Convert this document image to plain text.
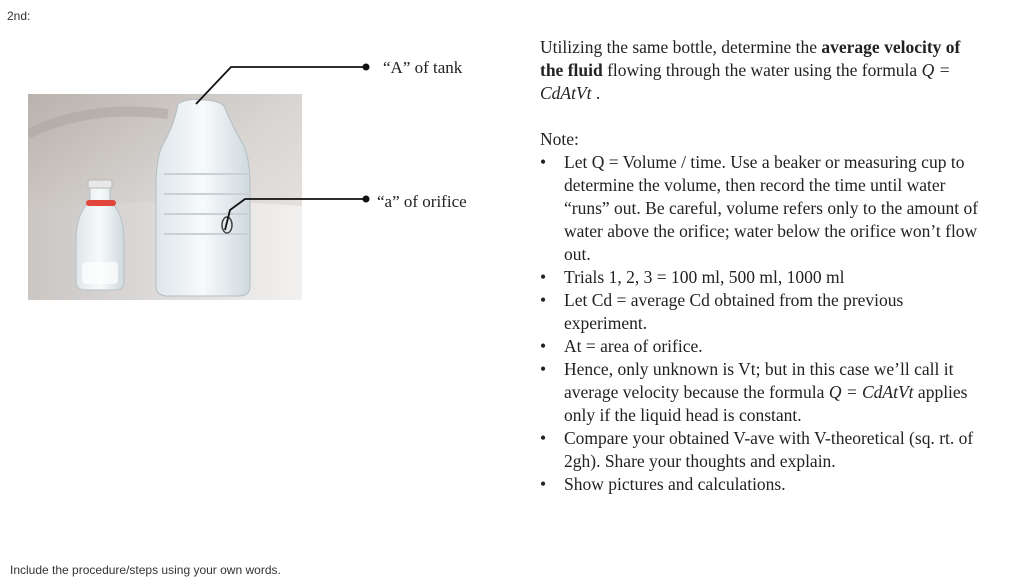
2nd:
“A” of tank
“a” of orifice

Utilizing the same bottle, determine the average velocity of the fluid flowing through the water using the formula Q = CdAtVt .

Note:

• Let Q = Volume / time. Use a beaker or measuring cup to determine the volume, then record the time until water “runs” out. Be careful, volume refers only to the amount of water above the orifice; water below the orifice won’t flow out.
• Trials 1, 2, 3 = 100 ml, 500 ml, 1000 ml
• Let Cd = average Cd obtained from the previous experiment.
• At = area of orifice.
• Hence, only unknown is Vt; but in this case we’ll call it average velocity because the formula Q = CdAtVt applies only if the liquid head is constant.
• Compare your obtained V-ave with V-theoretical (sq. rt. of 2gh). Share your thoughts and explain.
• Show pictures and calculations.
Include the procedure/steps using your own words.
